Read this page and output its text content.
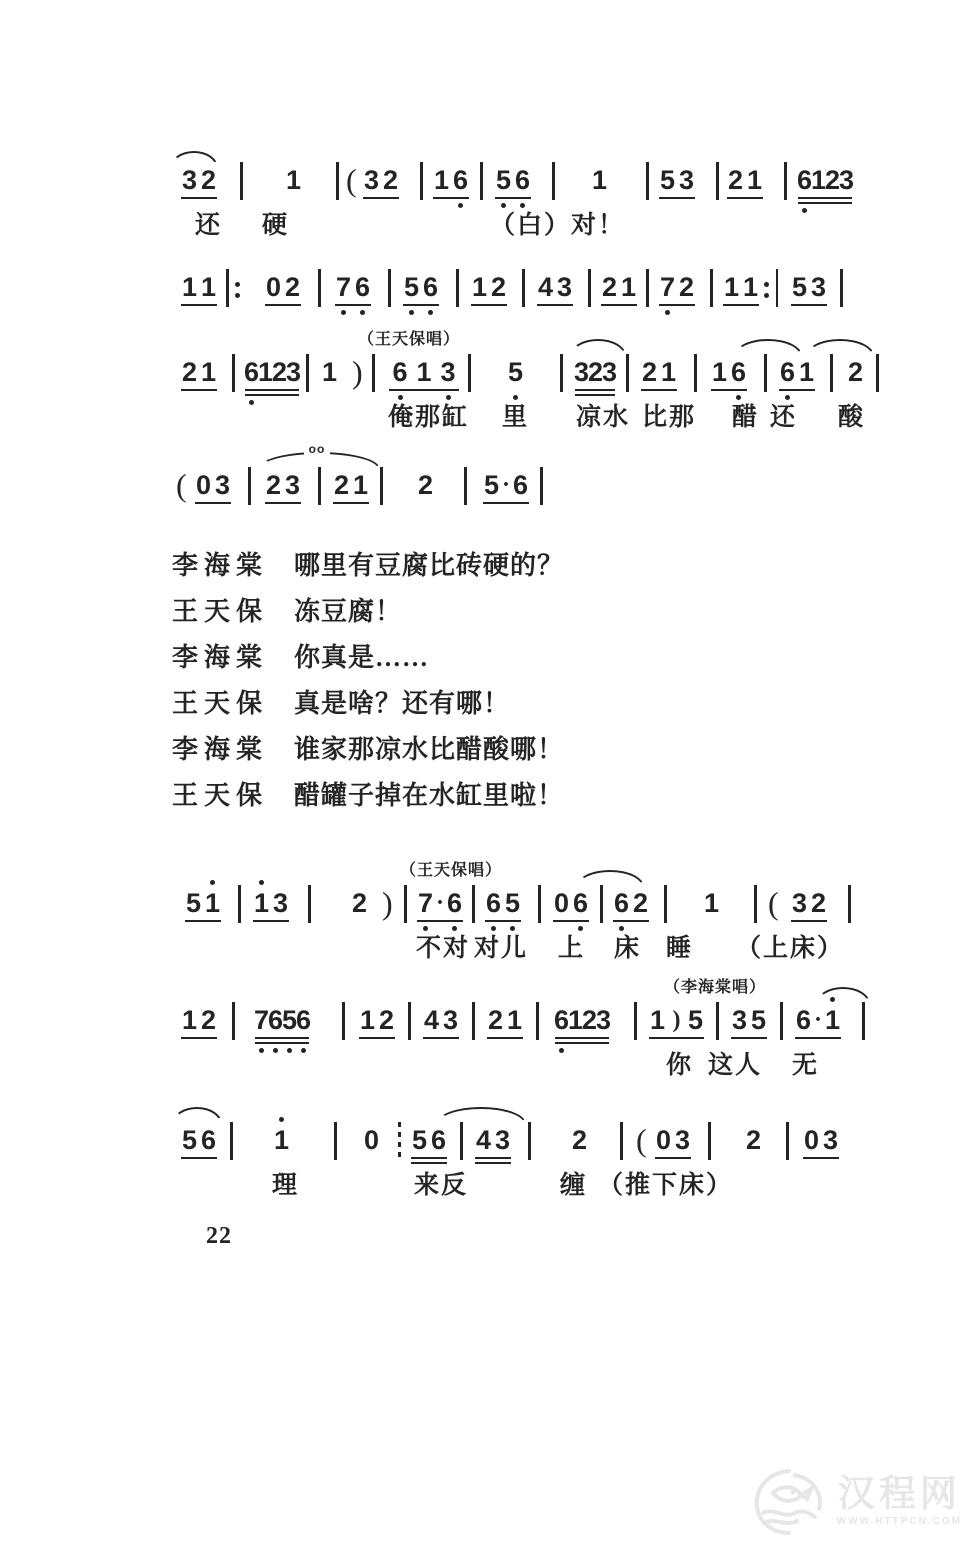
3 2	1 ( 3 2 1 6 5 6 1 5 3 2 1 6
123
还 硬	（白）对！
1 1 0 2 7 6 5 6 1 2 4 3 2 1 7 2 1 1 5 3
（王天保唱）
2 1 6
123 1 ) 6 1 3 5 323 2 1 1 6 6 1 2
俺那缸 里 凉水 比那 醋 还 酸
oo
( 0 3 2 3 2 1 2 5 · 6
（王天保唱）
5 1 1 3 2 ) 7 · 6 6 5 0 6 6 2 1 ( 3 2
不对 对儿 上 床 睡 （上床）
（李海棠唱）
1 2 7
6
5
6 1 2 4 3 2 1 6
123 1 ) 5 3 5 6 · 1
你 这人 无
5 6 1	0 5 6 4 3 2 ( 0 3 2 0 3
理	来反	缠 （推下床）
李海棠 哪里有豆腐比砖硬的？
王天保 冻豆腐！
李海棠 你真是……
王天保 真是啥？还有哪！
李海棠 谁家那凉水比醋酸哪！
王天保 醋罐子掉在水缸里啦！
22
汉程网
WWW.HTTPCN.COM
